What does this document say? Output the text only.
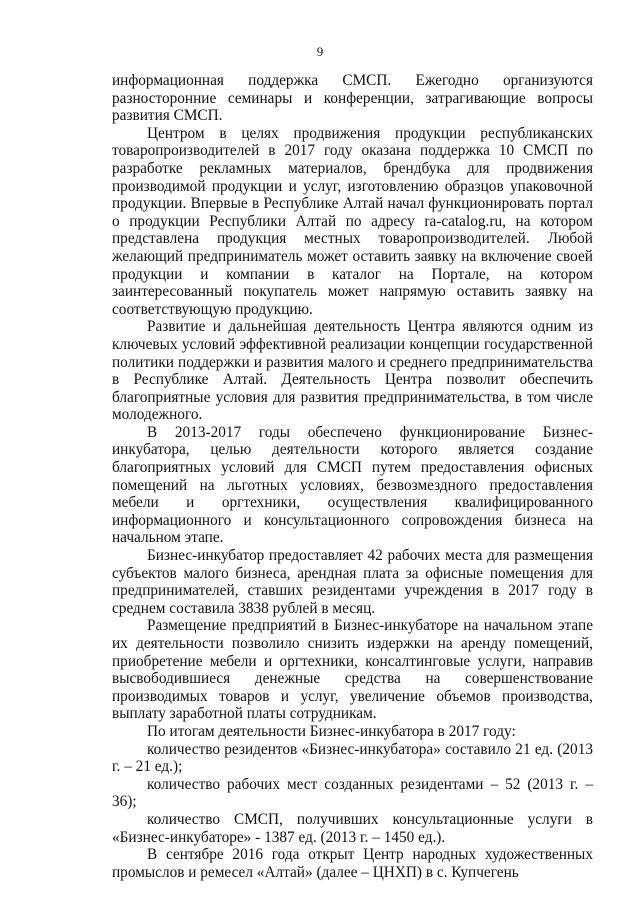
9

информационная поддержка СМСП. Ежегодно организуются разносторонние семинары и конференции, затрагивающие вопросы развития СМСП.

Центром в целях продвижения продукции республиканских товаропроизводителей в 2017 году оказана поддержка 10 СМСП по разработке рекламных материалов, брендбука для продвижения производимой продукции и услуг, изготовлению образцов упаковочной продукции. Впервые в Республике Алтай начал функционировать портал о продукции Республики Алтай по адресу ra-catalog.ru, на котором представлена продукция местных товаропроизводителей. Любой желающий предприниматель может оставить заявку на включение своей продукции и компании в каталог на Портале, на котором заинтересованный покупатель может напрямую оставить заявку на соответствующую продукцию.

Развитие и дальнейшая деятельность Центра являются одним из ключевых условий эффективной реализации концепции государственной политики поддержки и развития малого и среднего предпринимательства в Республике Алтай. Деятельность Центра позволит обеспечить благоприятные условия для развития предпринимательства, в том числе молодежного.

В 2013-2017 годы обеспечено функционирование Бизнес-инкубатора, целью деятельности которого является создание благоприятных условий для СМСП путем предоставления офисных помещений на льготных условиях, безвозмездного предоставления мебели и оргтехники, осуществления квалифицированного информационного и консультационного сопровождения бизнеса на начальном этапе.

Бизнес-инкубатор предоставляет 42 рабочих места для размещения субъектов малого бизнеса, арендная плата за офисные помещения для предпринимателей, ставших резидентами учреждения в 2017 году в среднем составила 3838 рублей в месяц.

Размещение предприятий в Бизнес-инкубаторе на начальном этапе их деятельности позволило снизить издержки на аренду помещений, приобретение мебели и оргтехники, консалтинговые услуги, направив высвободившиеся денежные средства на совершенствование производимых товаров и услуг, увеличение объемов производства, выплату заработной платы сотрудникам.

По итогам деятельности Бизнес-инкубатора в 2017 году:

количество резидентов «Бизнес-инкубатора» составило 21 ед. (2013 г. – 21 ед.);

количество рабочих мест созданных резидентами – 52 (2013 г. – 36);

количество СМСП, получивших консультационные услуги в «Бизнес-инкубаторе» - 1387 ед. (2013 г. – 1450 ед.).

В сентябре 2016 года открыт Центр народных художественных промыслов и ремесел «Алтай» (далее – ЦНХП) в с. Купчегень
